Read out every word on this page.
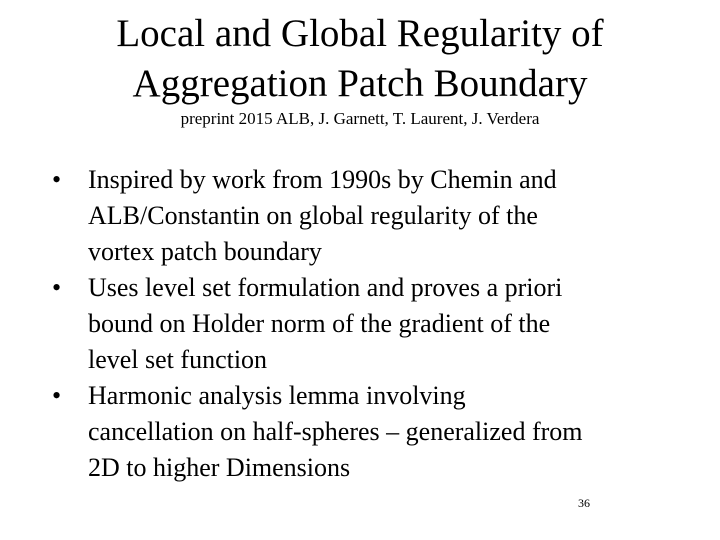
Local and Global Regularity of
Aggregation Patch Boundary
preprint 2015 ALB, J. Garnett, T. Laurent, J. Verdera
•	Inspired by work from 1990s by Chemin and
ALB/Constantin on global regularity of the
vortex patch boundary
•	Uses level set formulation and proves a priori
bound on Holder norm of the gradient of the
level set function
•	Harmonic analysis lemma involving
cancellation on half-spheres – generalized from
2D to higher Dimensions
36
